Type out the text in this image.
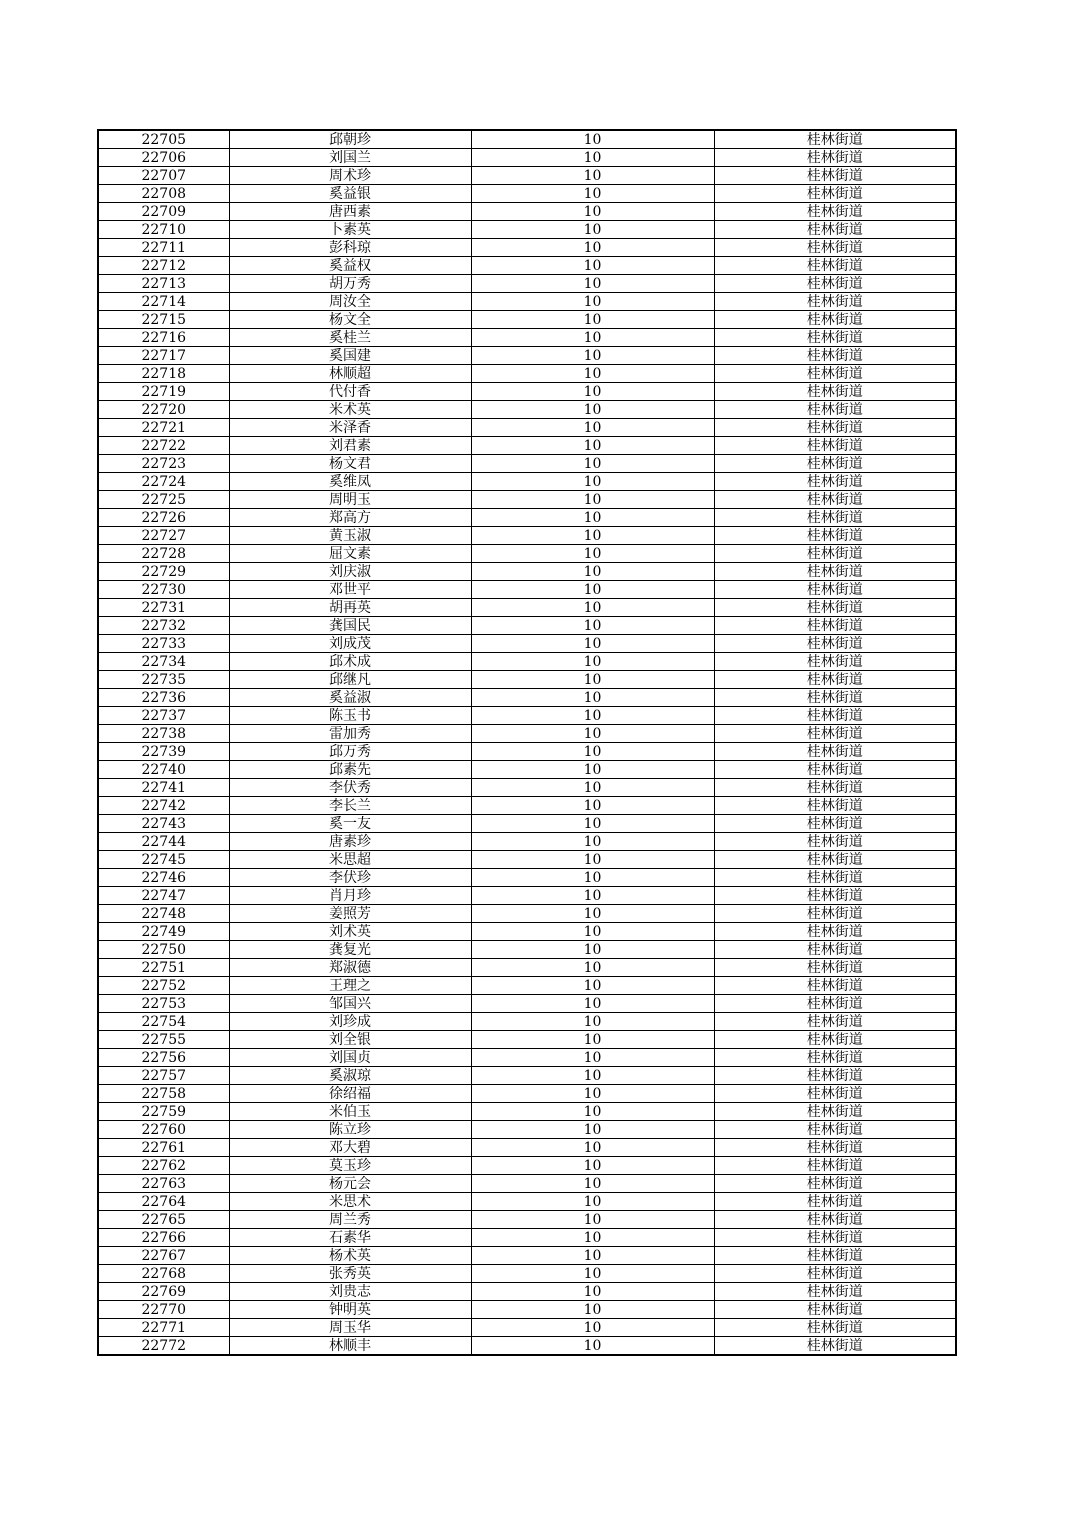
22705	邱朝珍	10	桂林街道
22706	刘国兰	10	桂林街道
22707	周术珍	10	桂林街道
22708	奚益银	10	桂林街道
22709	唐西素	10	桂林街道
22710	卜素英	10	桂林街道
22711	彭科琼	10	桂林街道
22712	奚益权	10	桂林街道
22713	胡万秀	10	桂林街道
22714	周汝全	10	桂林街道
22715	杨文全	10	桂林街道
22716	奚桂兰	10	桂林街道
22717	奚国建	10	桂林街道
22718	林顺超	10	桂林街道
22719	代付香	10	桂林街道
22720	米术英	10	桂林街道
22721	米泽香	10	桂林街道
22722	刘君素	10	桂林街道
22723	杨文君	10	桂林街道
22724	奚维凤	10	桂林街道
22725	周明玉	10	桂林街道
22726	郑高方	10	桂林街道
22727	黄玉淑	10	桂林街道
22728	屈文素	10	桂林街道
22729	刘庆淑	10	桂林街道
22730	邓世平	10	桂林街道
22731	胡再英	10	桂林街道
22732	龚国民	10	桂林街道
22733	刘成茂	10	桂林街道
22734	邱术成	10	桂林街道
22735	邱继凡	10	桂林街道
22736	奚益淑	10	桂林街道
22737	陈玉书	10	桂林街道
22738	雷加秀	10	桂林街道
22739	邱万秀	10	桂林街道
22740	邱素先	10	桂林街道
22741	李伏秀	10	桂林街道
22742	李长兰	10	桂林街道
22743	奚一友	10	桂林街道
22744	唐素珍	10	桂林街道
22745	米思超	10	桂林街道
22746	李伏珍	10	桂林街道
22747	肖月珍	10	桂林街道
22748	姜照芳	10	桂林街道
22749	刘术英	10	桂林街道
22750	龚复光	10	桂林街道
22751	郑淑德	10	桂林街道
22752	王理之	10	桂林街道
22753	邹国兴	10	桂林街道
22754	刘珍成	10	桂林街道
22755	刘全银	10	桂林街道
22756	刘国贞	10	桂林街道
22757	奚淑琼	10	桂林街道
22758	徐绍福	10	桂林街道
22759	米伯玉	10	桂林街道
22760	陈立珍	10	桂林街道
22761	邓大碧	10	桂林街道
22762	莫玉珍	10	桂林街道
22763	杨元会	10	桂林街道
22764	米思术	10	桂林街道
22765	周兰秀	10	桂林街道
22766	石素华	10	桂林街道
22767	杨术英	10	桂林街道
22768	张秀英	10	桂林街道
22769	刘贵志	10	桂林街道
22770	钟明英	10	桂林街道
22771	周玉华	10	桂林街道
22772	林顺丰	10	桂林街道
